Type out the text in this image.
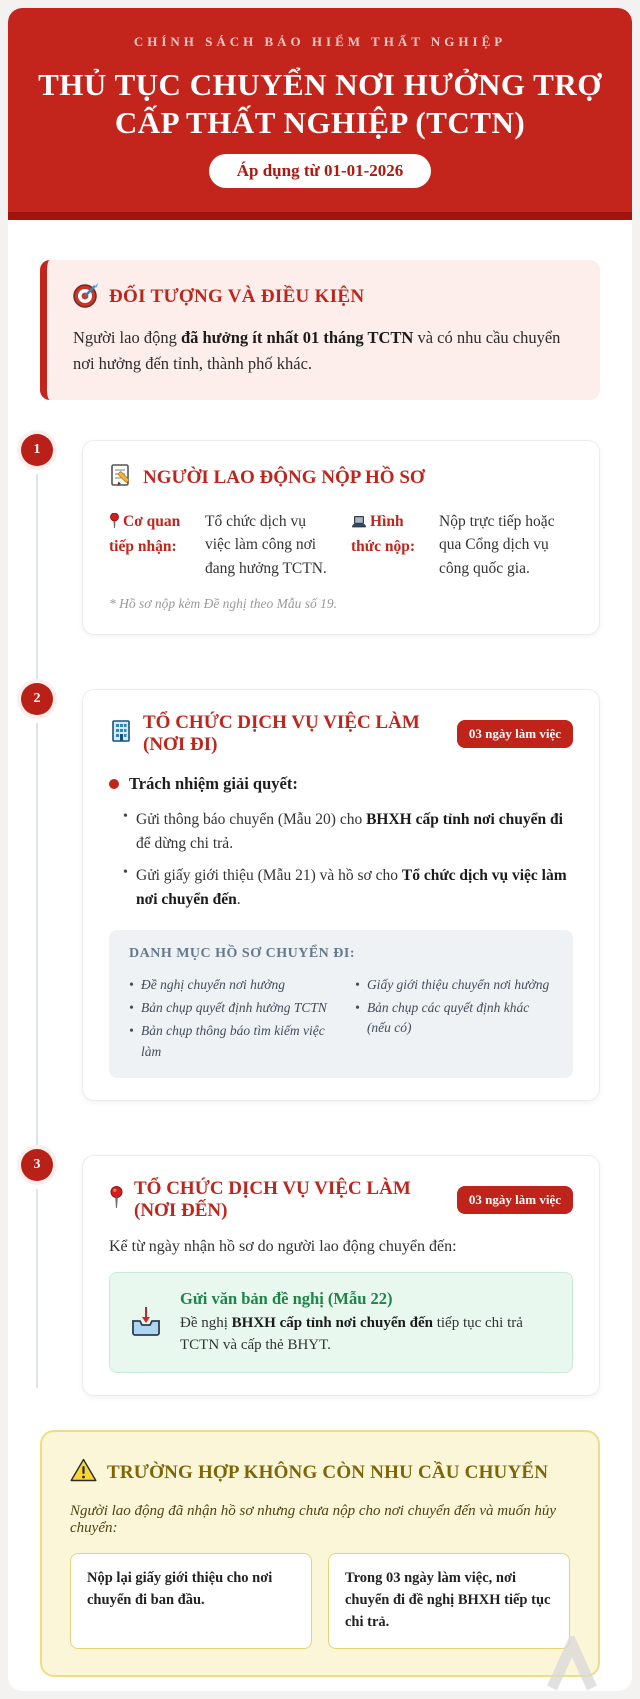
CHÍNH SÁCH BẢO HIỂM THẤT NGHIỆP
THỦ TỤC CHUYỂN NƠI HƯỞNG TRỢ
CẤP THẤT NGHIỆP (TCTN)
Áp dụng từ 01-01-2026
ĐỐI TƯỢNG VÀ ĐIỀU KIỆN

Người lao động đã hưởng ít nhất 01 tháng TCTN và có nhu cầu chuyển nơi hưởng đến tỉnh, thành phố khác.

1
NGƯỜI LAO ĐỘNG NỘP HỒ SƠ
Cơ quan tiếp nhận:
Tổ chức dịch vụ việc làm công nơi đang hưởng TCTN.
Hình thức nộp:
Nộp trực tiếp hoặc qua Cổng dịch vụ công quốc gia.
* Hồ sơ nộp kèm Đề nghị theo Mẫu số 19.
2
TỔ CHỨC DỊCH VỤ VIỆC LÀM (NƠI ĐI)
03 ngày làm việc
Trách nhiệm giải quyết:
• Gửi thông báo chuyển (Mẫu 20) cho BHXH cấp tỉnh nơi chuyển đi để dừng chi trả.
• Gửi giấy giới thiệu (Mẫu 21) và hồ sơ cho Tổ chức dịch vụ việc làm nơi chuyển đến.
DANH MỤC HỒ SƠ CHUYỂN ĐI:
• Đề nghị chuyển nơi hưởng
• Bản chụp quyết định hưởng TCTN
• Bản chụp thông báo tìm kiếm việc làm
• Giấy giới thiệu chuyển nơi hưởng
• Bản chụp các quyết định khác (nếu có)
3
TỔ CHỨC DỊCH VỤ VIỆC LÀM (NƠI ĐẾN)
03 ngày làm việc
Kể từ ngày nhận hồ sơ do người lao động chuyển đến:
Gửi văn bản đề nghị (Mẫu 22)
Đề nghị BHXH cấp tỉnh nơi chuyển đến tiếp tục chi trả TCTN và cấp thẻ BHYT.
TRƯỜNG HỢP KHÔNG CÒN NHU CẦU CHUYỂN
Người lao động đã nhận hồ sơ nhưng chưa nộp cho nơi chuyển đến và muốn hủy chuyển:
Nộp lại giấy giới thiệu cho nơi chuyển đi ban đầu.
Trong 03 ngày làm việc, nơi chuyển đi đề nghị BHXH tiếp tục chi trả.
